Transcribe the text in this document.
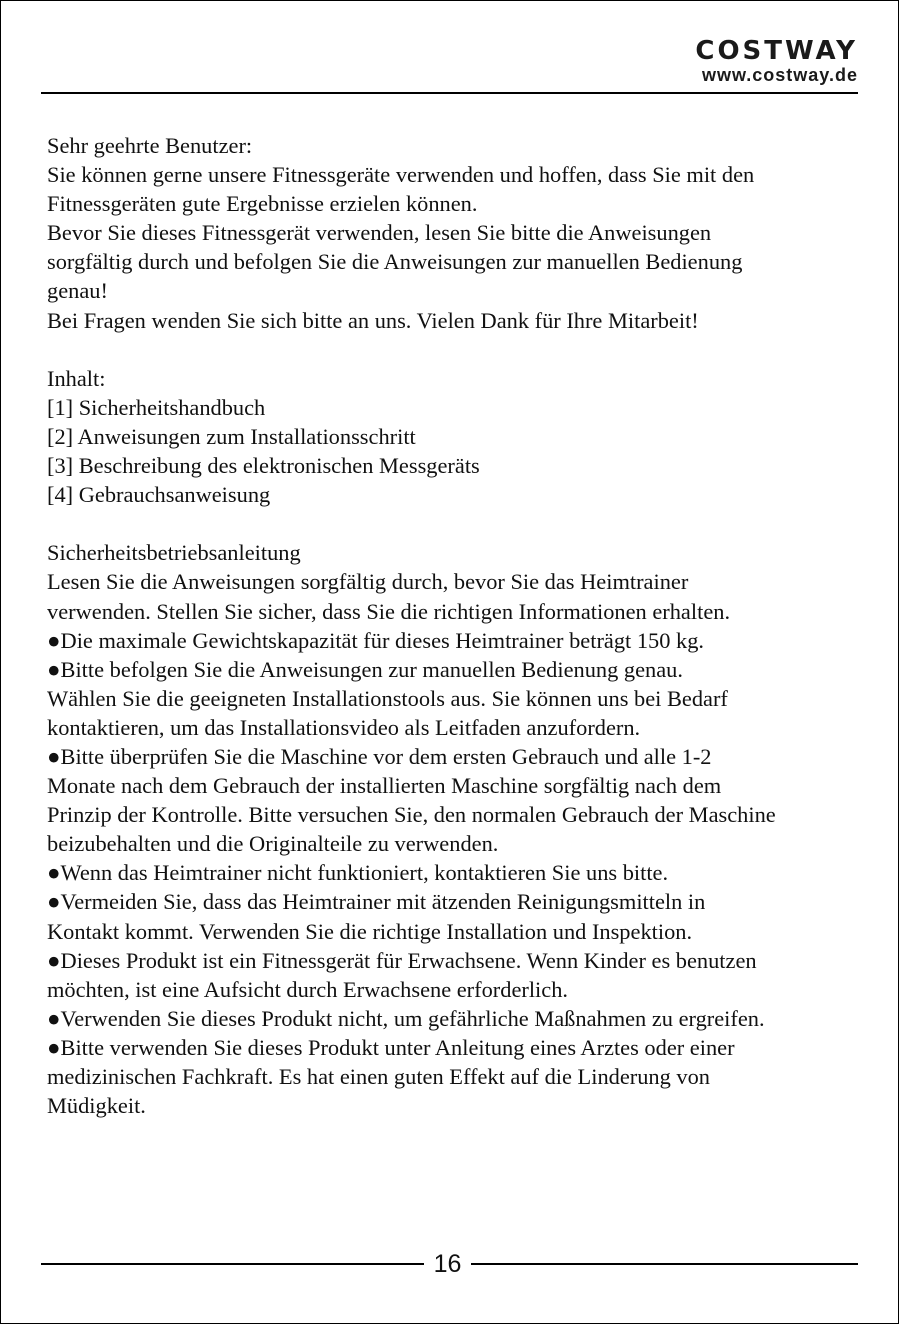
COSTWAY
www.costway.de
Sehr geehrte Benutzer:
Sie können gerne unsere Fitnessgeräte verwenden und hoffen, dass Sie mit den
Fitnessgeräten gute Ergebnisse erzielen können.
Bevor Sie dieses Fitnessgerät verwenden, lesen Sie bitte die Anweisungen
sorgfältig durch und befolgen Sie die Anweisungen zur manuellen Bedienung
genau!
Bei Fragen wenden Sie sich bitte an uns. Vielen Dank für Ihre Mitarbeit!
Inhalt:
[1] Sicherheitshandbuch
[2] Anweisungen zum Installationsschritt
[3] Beschreibung des elektronischen Messgeräts
[4] Gebrauchsanweisung
Sicherheitsbetriebsanleitung
Lesen Sie die Anweisungen sorgfältig durch, bevor Sie das Heimtrainer
verwenden. Stellen Sie sicher, dass Sie die richtigen Informationen erhalten.
●Die maximale Gewichtskapazität für dieses Heimtrainer beträgt 150 kg.
●Bitte befolgen Sie die Anweisungen zur manuellen Bedienung genau.
Wählen Sie die geeigneten Installationstools aus. Sie können uns bei Bedarf
kontaktieren, um das Installationsvideo als Leitfaden anzufordern.
●Bitte überprüfen Sie die Maschine vor dem ersten Gebrauch und alle 1-2
Monate nach dem Gebrauch der installierten Maschine sorgfältig nach dem
Prinzip der Kontrolle. Bitte versuchen Sie, den normalen Gebrauch der Maschine
beizubehalten und die Originalteile zu verwenden.
●Wenn das Heimtrainer nicht funktioniert, kontaktieren Sie uns bitte.
●Vermeiden Sie, dass das Heimtrainer mit ätzenden Reinigungsmitteln in
Kontakt kommt. Verwenden Sie die richtige Installation und Inspektion.
●Dieses Produkt ist ein Fitnessgerät für Erwachsene. Wenn Kinder es benutzen
möchten, ist eine Aufsicht durch Erwachsene erforderlich.
●Verwenden Sie dieses Produkt nicht, um gefährliche Maßnahmen zu ergreifen.
●Bitte verwenden Sie dieses Produkt unter Anleitung eines Arztes oder einer
medizinischen Fachkraft. Es hat einen guten Effekt auf die Linderung von
Müdigkeit.
16
